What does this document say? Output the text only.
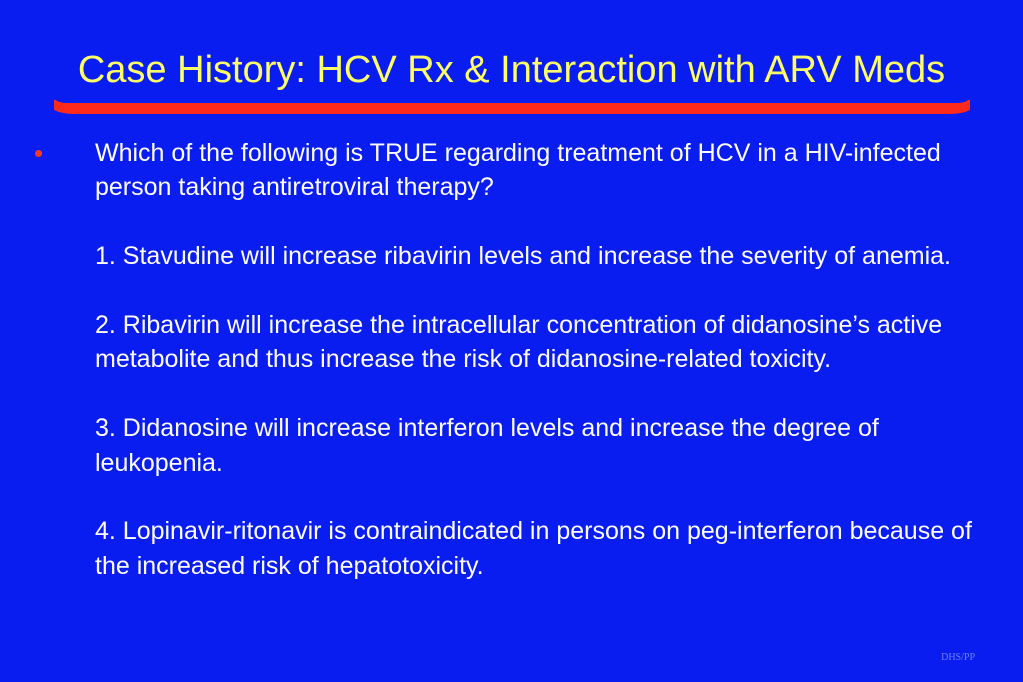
Case History: HCV Rx & Interaction with ARV Meds
• Which of the following is TRUE regarding treatment of HCV in a HIV-infected person taking antiretroviral therapy?

1. Stavudine will increase ribavirin levels and increase the severity of anemia.

2. Ribavirin will increase the intracellular concentration of didanosine’s active metabolite and thus increase the risk of didanosine-related toxicity.

3. Didanosine will increase interferon levels and increase the degree of leukopenia.

4. Lopinavir-ritonavir is contraindicated in persons on peg-interferon because of the increased risk of hepatotoxicity.

DHS/PP
